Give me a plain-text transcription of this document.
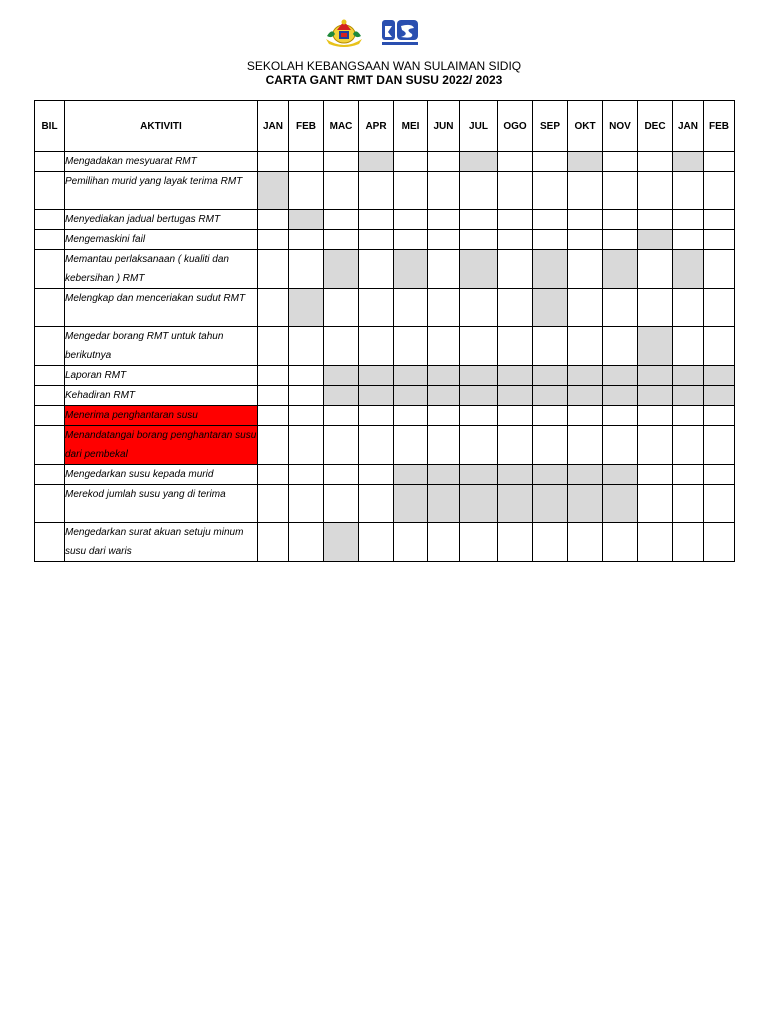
SEKOLAH KEBANGSAAN WAN SULAIMAN SIDIQ
CARTA GANT RMT DAN SUSU 2022/ 2023
BIL	AKTIVITI	JAN	FEB	MAC	APR	MEI	JUN	JUL	OGO	SEP	OKT	NOV	DEC	JAN	FEB
	Mengadakan mesyuarat RMT														
	Pemilihan murid yang layak terima RMT														
	Menyediakan jadual bertugas RMT														
	Mengemaskini fail														
	Memantau perlaksanaan ( kualiti dan kebersihan ) RMT														
	Melengkap dan menceriakan sudut RMT														
	Mengedar borang RMT untuk tahun berikutnya														
	Laporan RMT														
	Kehadiran RMT														
	Menerima penghantaran susu														
	Menandatangai borang penghantaran susu dari pembekal														
	Mengedarkan susu kepada murid														
	Merekod jumlah susu yang di terima														
	Mengedarkan surat akuan setuju minum susu dari waris														
